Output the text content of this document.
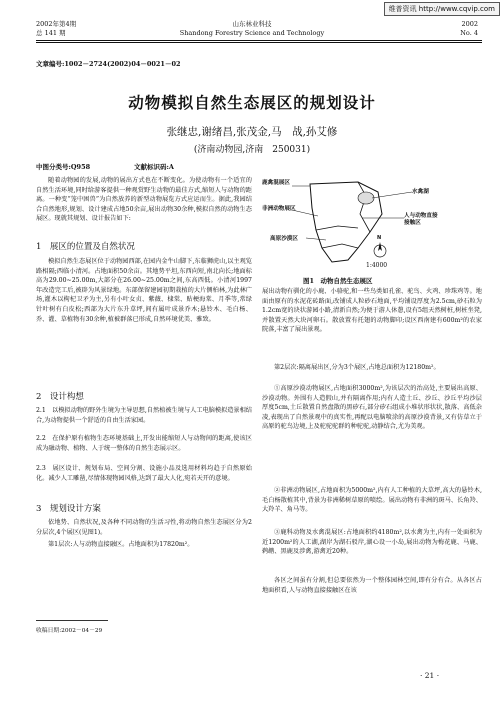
维普资讯 http://www.cqvip.com
2002年第4期
总 141 期
山东林业科技
Shandong Forestry Science and Technology
2002
No. 4
文章编号:1002－2724(2002)04－0021－02
动物模拟自然生态展区的规划设计
张继忠,谢绪昌,张茂金,马　战,孙艾修
(济南动物园,济南　250031)
中图分类号:Q958	文献标识码:A
随着动物园的发展,动物的展出方式也在不断变化。为使动物有一个适宜的自然生活环境,同时给游客提供一种观赏野生动物的最佳方式,缩短人与动物的距离。一种变“笼中困兽”为自然放养的新型动物展览方式应运而生。据此,我园结合自然地形,规划、设计建成占地50余亩,展出动物30余种,模拟自然的动物生态展区。现就其规划、设计报告如下:
1　展区的位置及自然状况
模拟自然生态展区位于动物园西部,在园内金牛山脚下,东临狮虎山,以主观览路相隔;西临小清河。占地面积50余亩。其地势平坦,东西向短,南北向长;地面标高为29.00~25.00m,大部分在26.00~25.00m之间,东高西低。小清河1997年改造完工后,被辟为风景绿地。东部保留建园初期栽植的大片侧柏林,为此林广场,灌木以枸杞卫矛为主,另有小叶女贞、紫薇、棣棠、贴梗海棠、月季等,常绿针叶树有白皮松;西部为大片东升草坪,间有属叶成景乔木;悬铃木、毛白杨、乔、灌、草植物有30余种,植被群落已形成,自然环境优美、雅致。
2　设计构想
2.1　以模拟动物的野外生境为主导思想,自然植被生境与人工电脑模拟造景相结合,为动物提供一个舒适的自由生活家园。
2.2　在保护原有植物生态环境基础上,开发出能缩短人与动物间的距离,使该区成为融动物、植物、人于统一整体的自然生态展示区。
2.3　展区设计、规划布局、空间分割、设施小品及选用材料均趋于自然原始化。减少人工雕凿,尽情体现物园风格,达到了最大人化,宛若天开的意境。
3　规划设计方案
依地势、自然状况,及各种不同动物的生活习性,将动物自然生态展区分为2分层次,4个展区(见图1)。
第1层次:人与动物直接融区。占地面积为17820m²。
收稿日期:2002－04－29
鹿禽混展区
水禽湖
非洲动物展区
人与动物直接
接触区
高原沙漠区	N
1:4000
图1　动物自然生态展区
展出动物有驯化的小鹿、小骆驼,和一些鸟类如孔雀、驼鸟、火鸡、珍珠鸡等。地面由原有的水泥花砖路面,改铺成人粒砂石地面,平均铺设厚度为2.5cm,砂石粒为1.2cm宽的块状游园小路,清新自然;为便于游人休憩,设有5组天然树桩,树桩坐凳,并散置天然大块河卵石。散放置有托翅的动物脚印;设区西南建有600m²的农家院落,丰富了展出景观。
第2层次:隔离展出区,分为3个展区,占地总面积为12180m²。
①高原沙漠动物展区,占地面积3000m²,为该层次的治高处,主要展出高原、沙漠动物。外围有人造假山,并有隔离作用;内有人造土丘、沙丘、沙丘平均沙层厚度5cm,土丘散置自然盘散的黑矽石,部分矽石组成小堆状形状状,散落、高低杂凌,表现出了自然景观中的真实性,再配以电脑喷涂的高原沙漠背景,又有仿草立于高原的驼鸟边境,上及驼驼驼群的种驼驼,动静结合,尤为美观。
②非洲动物展区,占地面积为5000m²,内有人工种植的大草坪,高大的悬铃木,毛白杨散植其中,背景为非洲稀树草原的喷绘。展出动物有非洲的斑马、长角羚、大羚羊、角马等。
③鹿科动物及水禽混展区:占地面积约4180m²,以水禽为主,内有一处面积为近1200m²的人工湖,湖岸为湖石驳岸,湖心设一小岛,展出动物为梅花鹿、马鹿、鹈鹕、黑鹿及涉禽,游禽近20种。
各区之间虽有分割,但总要依然为一个整体园林空间,即有分有合。从各区占地面积看,人与动物直接接触区在该
· 21 ·
